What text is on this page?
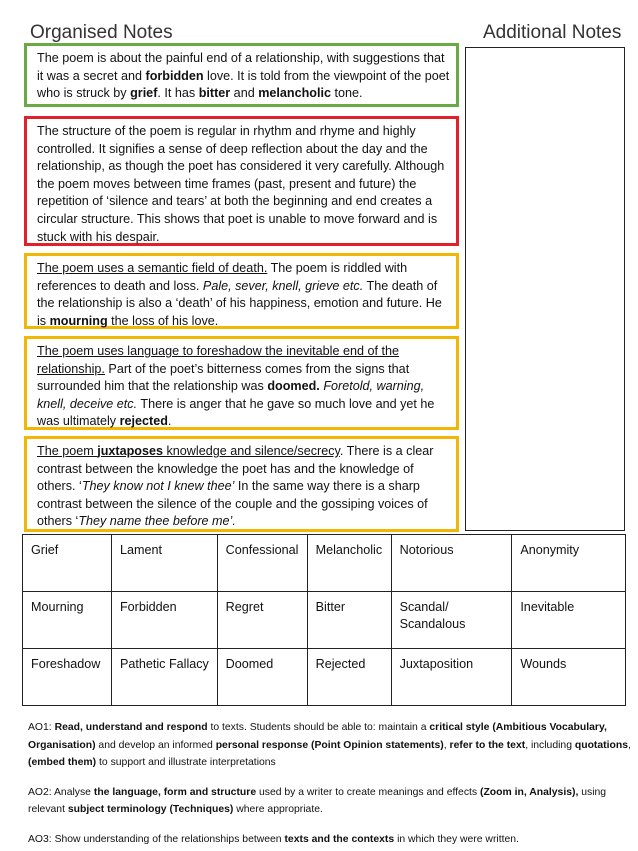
Organised Notes	Additional Notes
The poem is about the painful end of a relationship, with suggestions that it was a secret and forbidden love. It is told from the viewpoint of the poet who is struck by grief. It has bitter and melancholic tone.
The structure of the poem is regular in rhythm and rhyme and highly controlled. It signifies a sense of deep reflection about the day and the relationship, as though the poet has considered it very carefully. Although the poem moves between time frames (past, present and future) the repetition of ‘silence and tears’ at both the beginning and end creates a circular structure. This shows that poet is unable to move forward and is stuck with his despair.
The poem uses a semantic field of death. The poem is riddled with references to death and loss. Pale, sever, knell, grieve etc. The death of the relationship is also a ‘death’ of his happiness, emotion and future. He is mourning the loss of his love.
The poem uses language to foreshadow the inevitable end of the relationship. Part of the poet’s bitterness comes from the signs that surrounded him that the relationship was doomed. Foretold, warning, knell, deceive etc. There is anger that he gave so much love and yet he was ultimately rejected.
The poem juxtaposes knowledge and silence/secrecy. There is a clear contrast between the knowledge the poet has and the knowledge of others. ‘They know not I knew thee’ In the same way there is a sharp contrast between the silence of the couple and the gossiping voices of others ‘They name thee before me’.
Grief	Lament	Confessional	Melancholic	Notorious	Anonymity
Mourning	Forbidden	Regret	Bitter	Scandal/ Scandalous	Inevitable
Foreshadow	Pathetic Fallacy	Doomed	Rejected	Juxtaposition	Wounds

AO1: Read, understand and respond to texts. Students should be able to: maintain a critical style (Ambitious Vocabulary, Organisation) and develop an informed personal response (Point Opinion statements), refer to the text, including quotations, (embed them) to support and illustrate interpretations

AO2: Analyse the language, form and structure used by a writer to create meanings and effects (Zoom in, Analysis), using relevant subject terminology (Techniques) where appropriate.

AO3: Show understanding of the relationships between texts and the contexts in which they were written.
